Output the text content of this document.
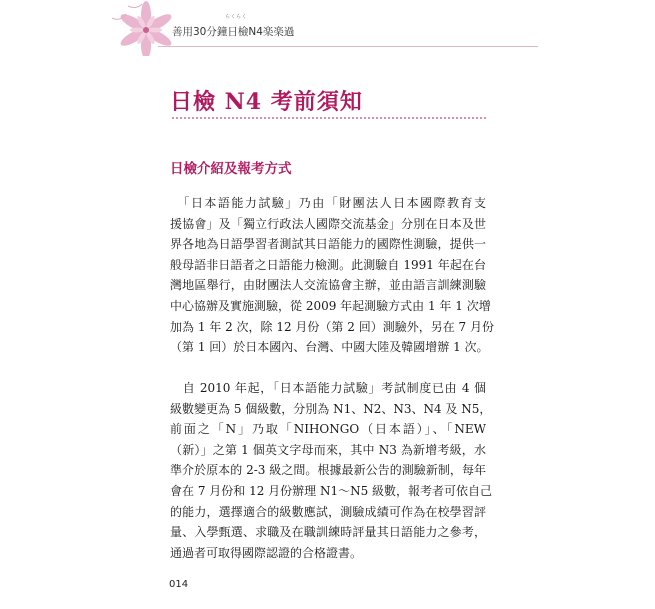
らくらく
善用30分鐘日檢N4楽楽過
日檢 N4 考前須知
日檢介紹及報考方式
　「日本語能力試驗」乃由「財團法人日本國際教育支
援協會」及「獨立行政法人國際交流基金」分別在日本及世
界各地為日語學習者測試其日語能力的國際性測驗，提供一
般母語非日語者之日語能力檢測。此測驗自 1991 年起在台
灣地區舉行，由財團法人交流協會主辦，並由語言訓練測驗
中心協辦及實施測驗，從 2009 年起測驗方式由 1 年 1 次增
加為 1 年 2 次，除 12 月份（第 2 回）測驗外，另在 7 月份
（第 1 回）於日本國內、台灣、中國大陸及韓國增辦 1 次。
　自 2010 年起，「日本語能力試驗」考試制度已由 4 個
級數變更為 5 個級數，分別為 N1、N2、N3、N4 及 N5，
前面之「N」乃取「NIHONGO（日本語）」、「NEW
（新）」之第 1 個英文字母而來，其中 N3 為新增考級，水
準介於原本的 2-3 級之間。根據最新公告的測驗新制，每年
會在 7 月份和 12 月份辦理 N1～N5 級數，報考者可依自己
的能力，選擇適合的級數應試，測驗成績可作為在校學習評
量、入學甄選、求職及在職訓練時評量其日語能力之參考，
通過者可取得國際認證的合格證書。
014
